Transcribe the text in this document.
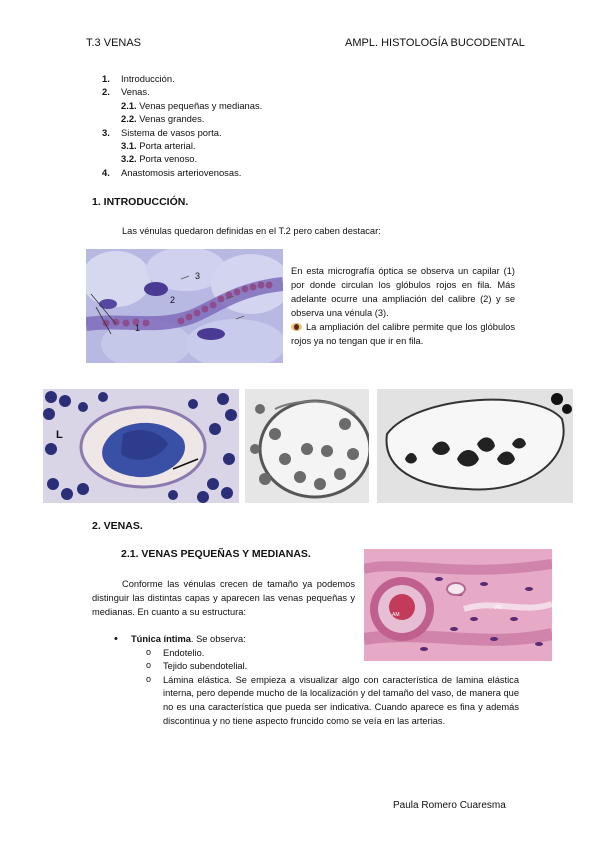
T.3 VENAS	AMPL. HISTOLOGÍA BUCODENTAL
1. Introducción.
2. Venas.
2.1. Venas pequeñas y medianas.
2.2. Venas grandes.
3. Sistema de vasos porta.
3.1. Porta arterial.
3.2. Porta venoso.
4. Anastomosis arteriovenosas.
1. INTRODUCCIÓN.
Las vénulas quedaron definidas en el T.2 pero caben destacar:
1
2
3	En esta micrografía óptica se observa un capilar (1) por donde circulan los glóbulos rojos en fila. Más adelante ocurre una ampliación del calibre (2) y se observa una vénula (3).
La ampliación del calibre permite que los glóbulos rojos ya no tengan que ir en fila.
L
2. VENAS.
2.1. VENAS PEQUEÑAS Y MEDIANAS.
Conforme las vénulas crecen de tamaño ya podemos distinguir las distintas capas y aparecen las venas pequeñas y medianas. En cuanto a su estructura:	AM
VM
• Túnica íntima. Se observa:
o Endotelio.
o Tejido subendotelial.
o Lámina elástica. Se empieza a visualizar algo con característica de lamina elástica interna, pero depende mucho de la localización y del tamaño del vaso, de manera que no es una característica que pueda ser indicativa. Cuando aparece es fina y además discontinua y no tiene aspecto fruncido como se veía en las arterias.
Paula Romero Cuaresma
